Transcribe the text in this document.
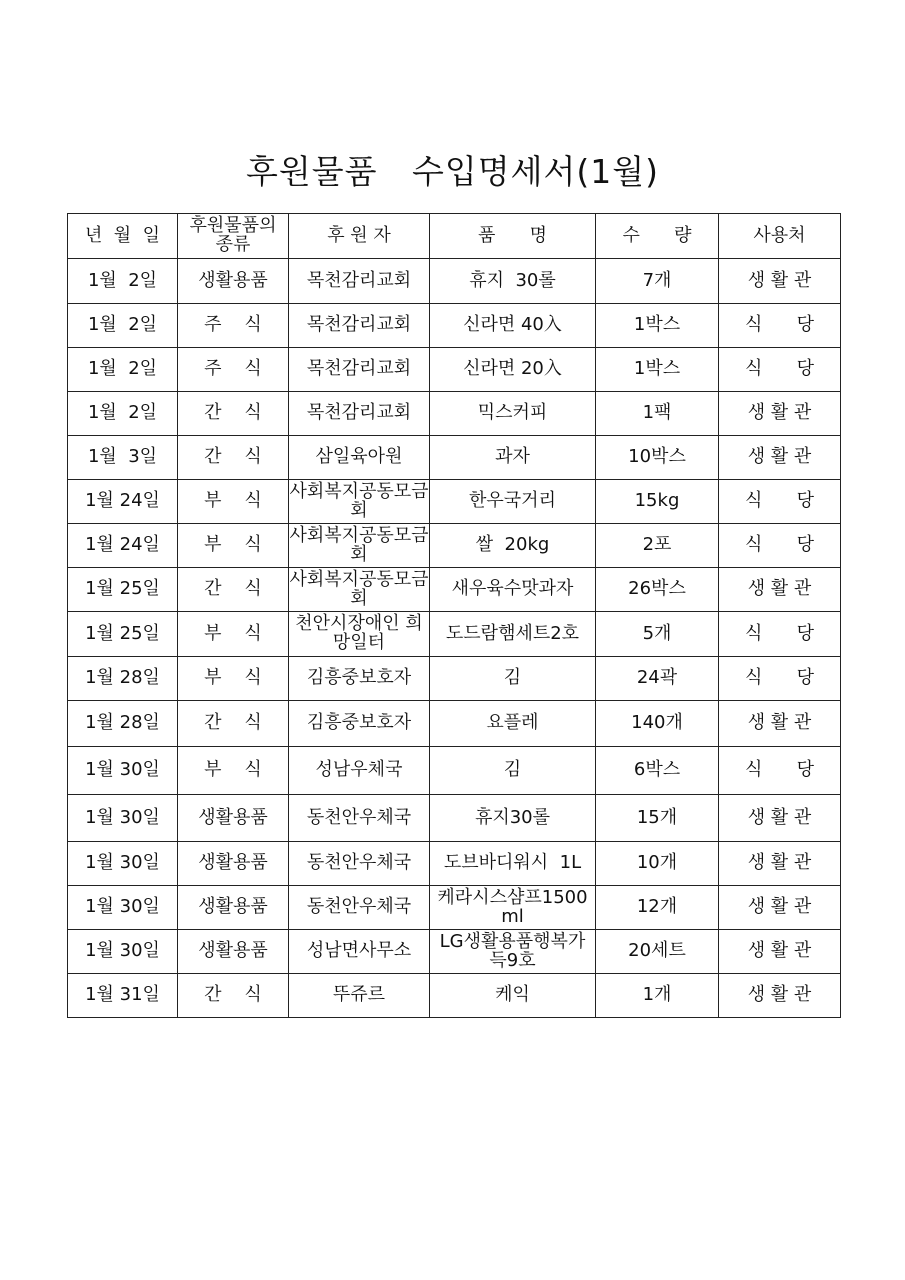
후원물품   수입명세서(1월)
년  월  일	후원물품의 종류	후 원 자	품      명	수      량	사용처
1월  2일	생활용품	목천감리교회	휴지  30롤	7개	생 활 관
1월  2일	주    식	목천감리교회	신라면 40入	1박스	식      당
1월  2일	주    식	목천감리교회	신라면 20入	1박스	식      당
1월  2일	간    식	목천감리교회	믹스커피	1팩	생 활 관
1월  3일	간    식	삼일육아원	과자	10박스	생 활 관
1월 24일	부    식	사회복지공동모금회	한우국거리	15kg	식      당
1월 24일	부    식	사회복지공동모금회	쌀  20kg	2포	식      당
1월 25일	간    식	사회복지공동모금회	새우육수맛과자	26박스	생 활 관
1월 25일	부    식	천안시장애인 희망일터	도드람햄세트2호	5개	식      당
1월 28일	부    식	김흥중보호자	김	24곽	식      당
1월 28일	간    식	김흥중보호자	요플레	140개	생 활 관
1월 30일	부    식	성남우체국	김	6박스	식      당
1월 30일	생활용품	동천안우체국	휴지30롤	15개	생 활 관
1월 30일	생활용품	동천안우체국	도브바디워시  1L	10개	생 활 관
1월 30일	생활용품	동천안우체국	케라시스샴프1500 ml	12개	생 활 관
1월 30일	생활용품	성남면사무소	LG생활용품행복가 득9호	20세트	생 활 관
1월 31일	간    식	뚜쥬르	케익	1개	생 활 관
